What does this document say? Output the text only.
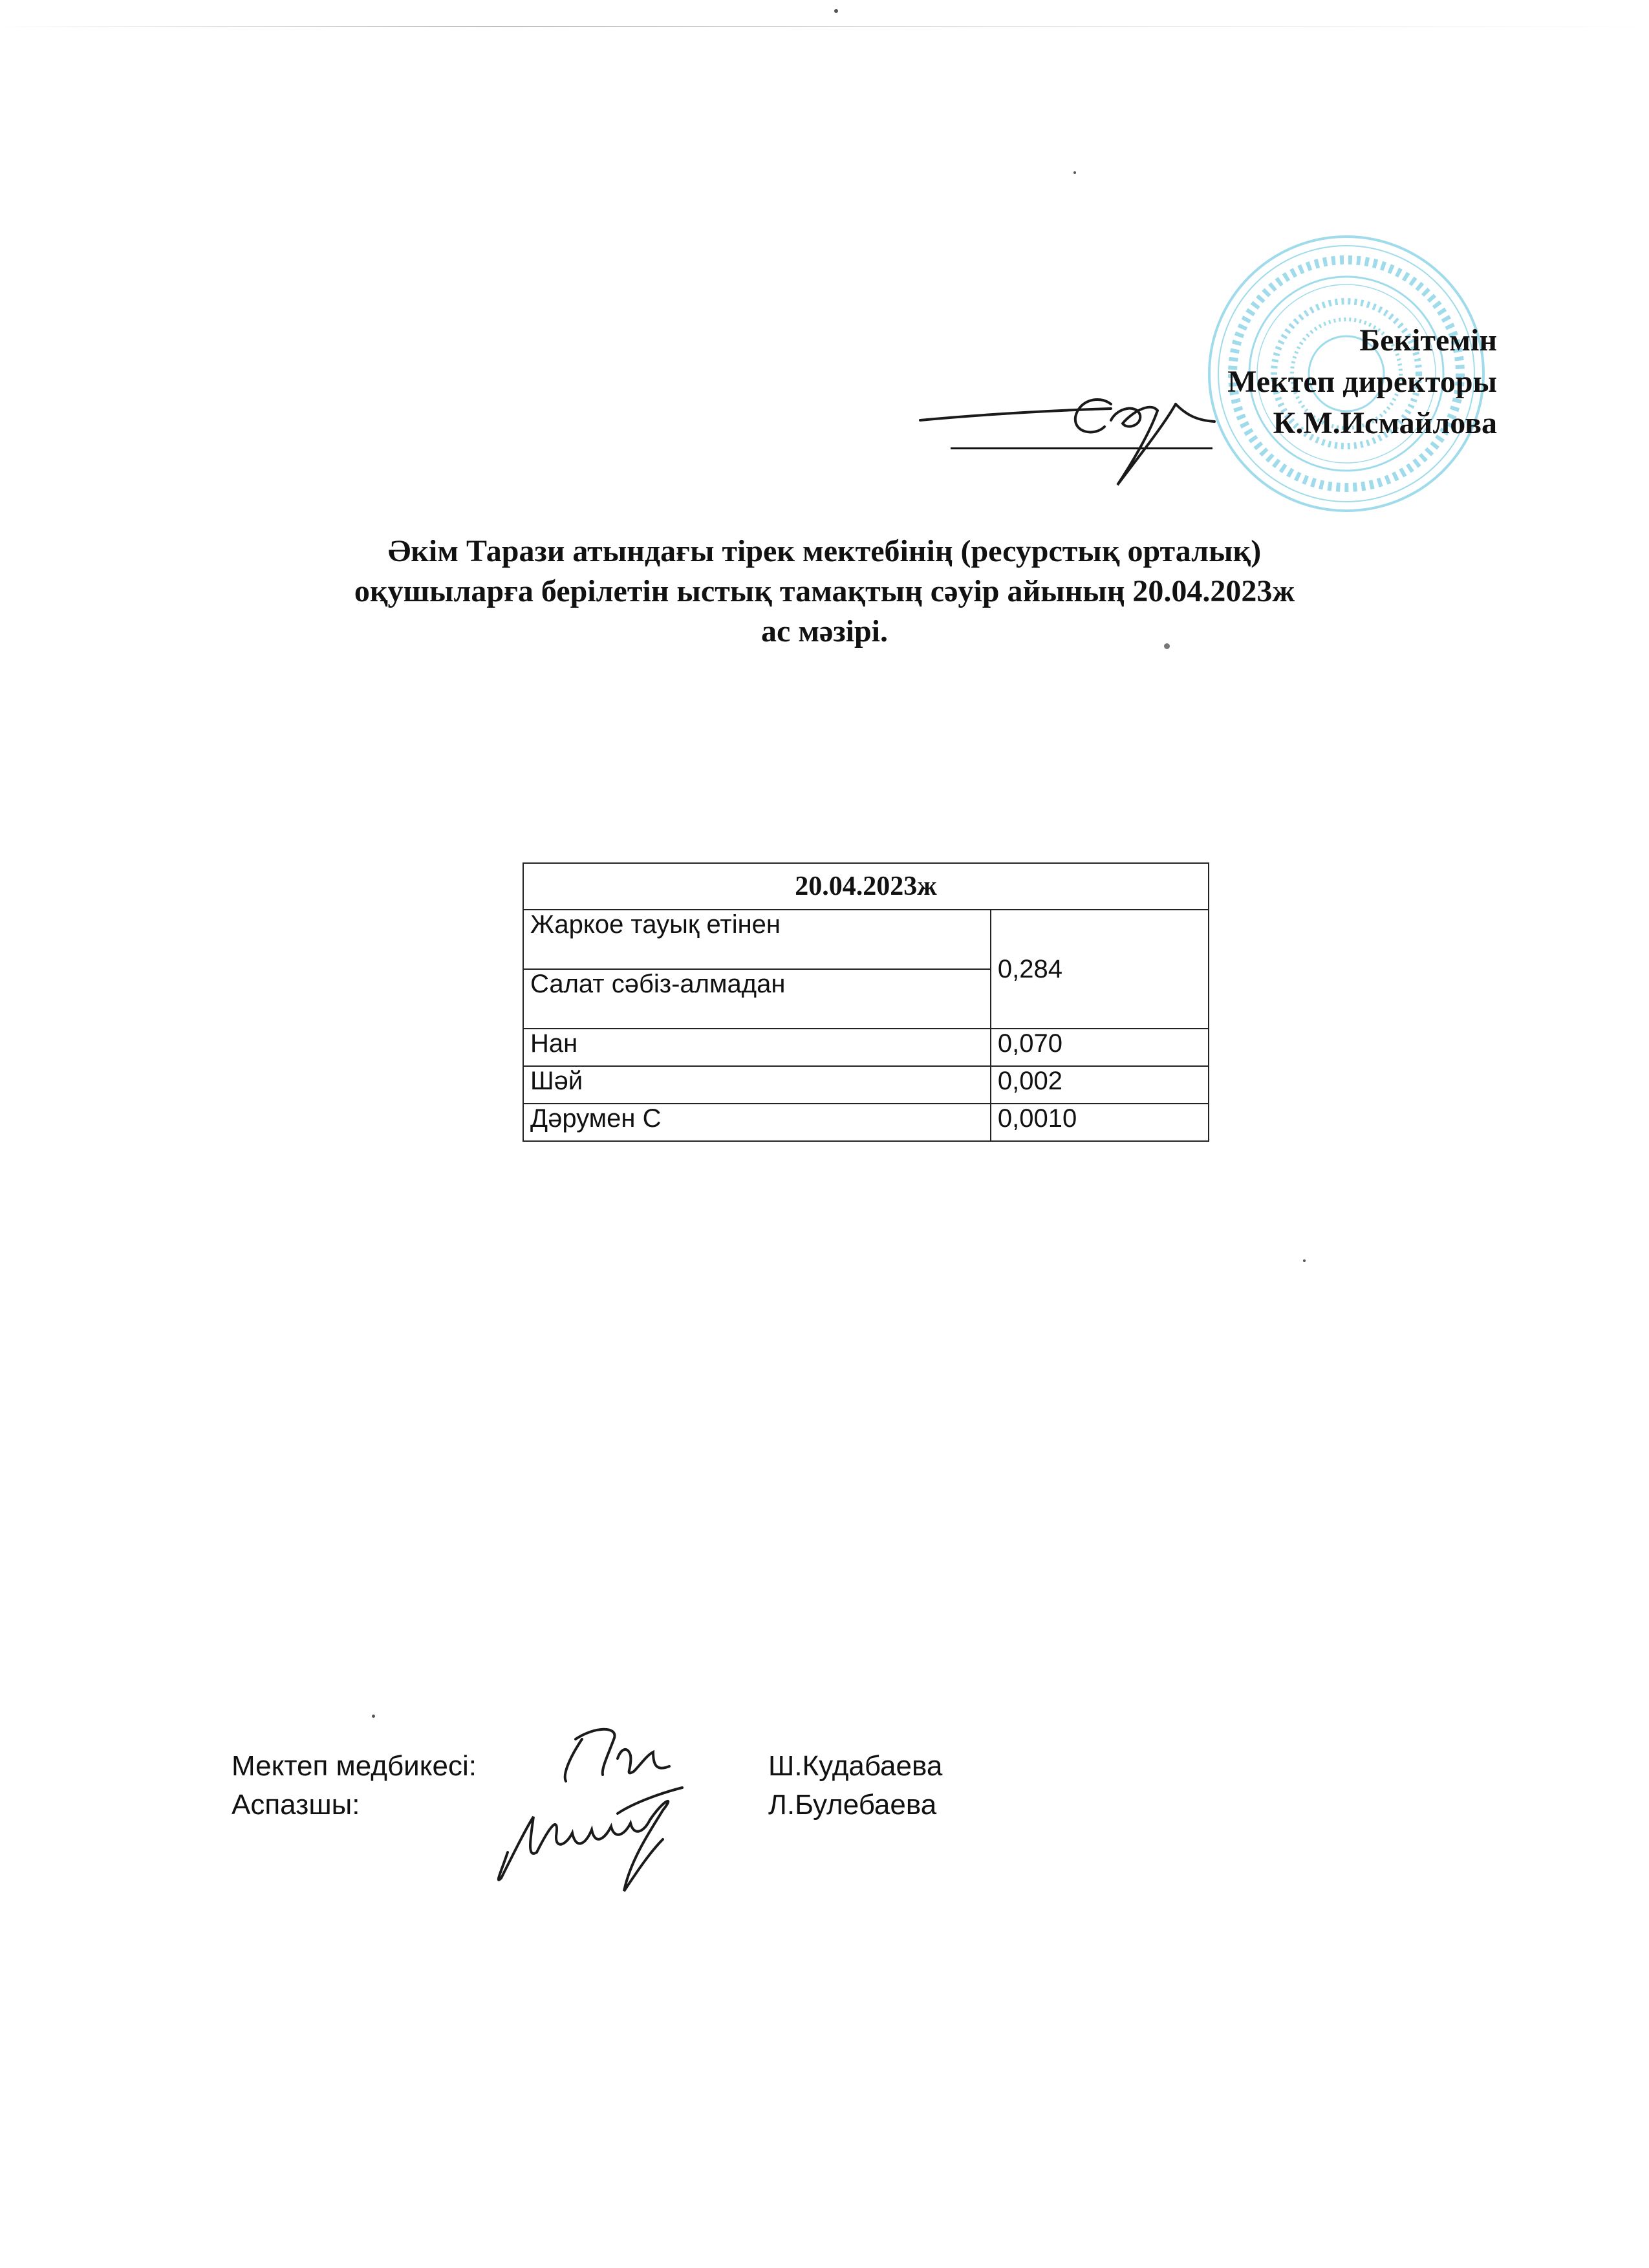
Бекітемін
Мектеп директоры
К.М.Исмайлова
Әкім Тарази атындағы тірек мектебінің (ресурстық орталық)
оқушыларға берілетін ыстық тамақтың сәуір айының 20.04.2023ж
ас мәзірі.
20.04.2023ж	
Жаркое тауық етінен	0,284
Салат сәбіз-алмадан	
Нан	0,070
Шәй	0,002
Дәрумен С	0,0010
Мектеп медбикесі:	Ш.Кудабаева
Аспазшы:	Л.Булебаева
